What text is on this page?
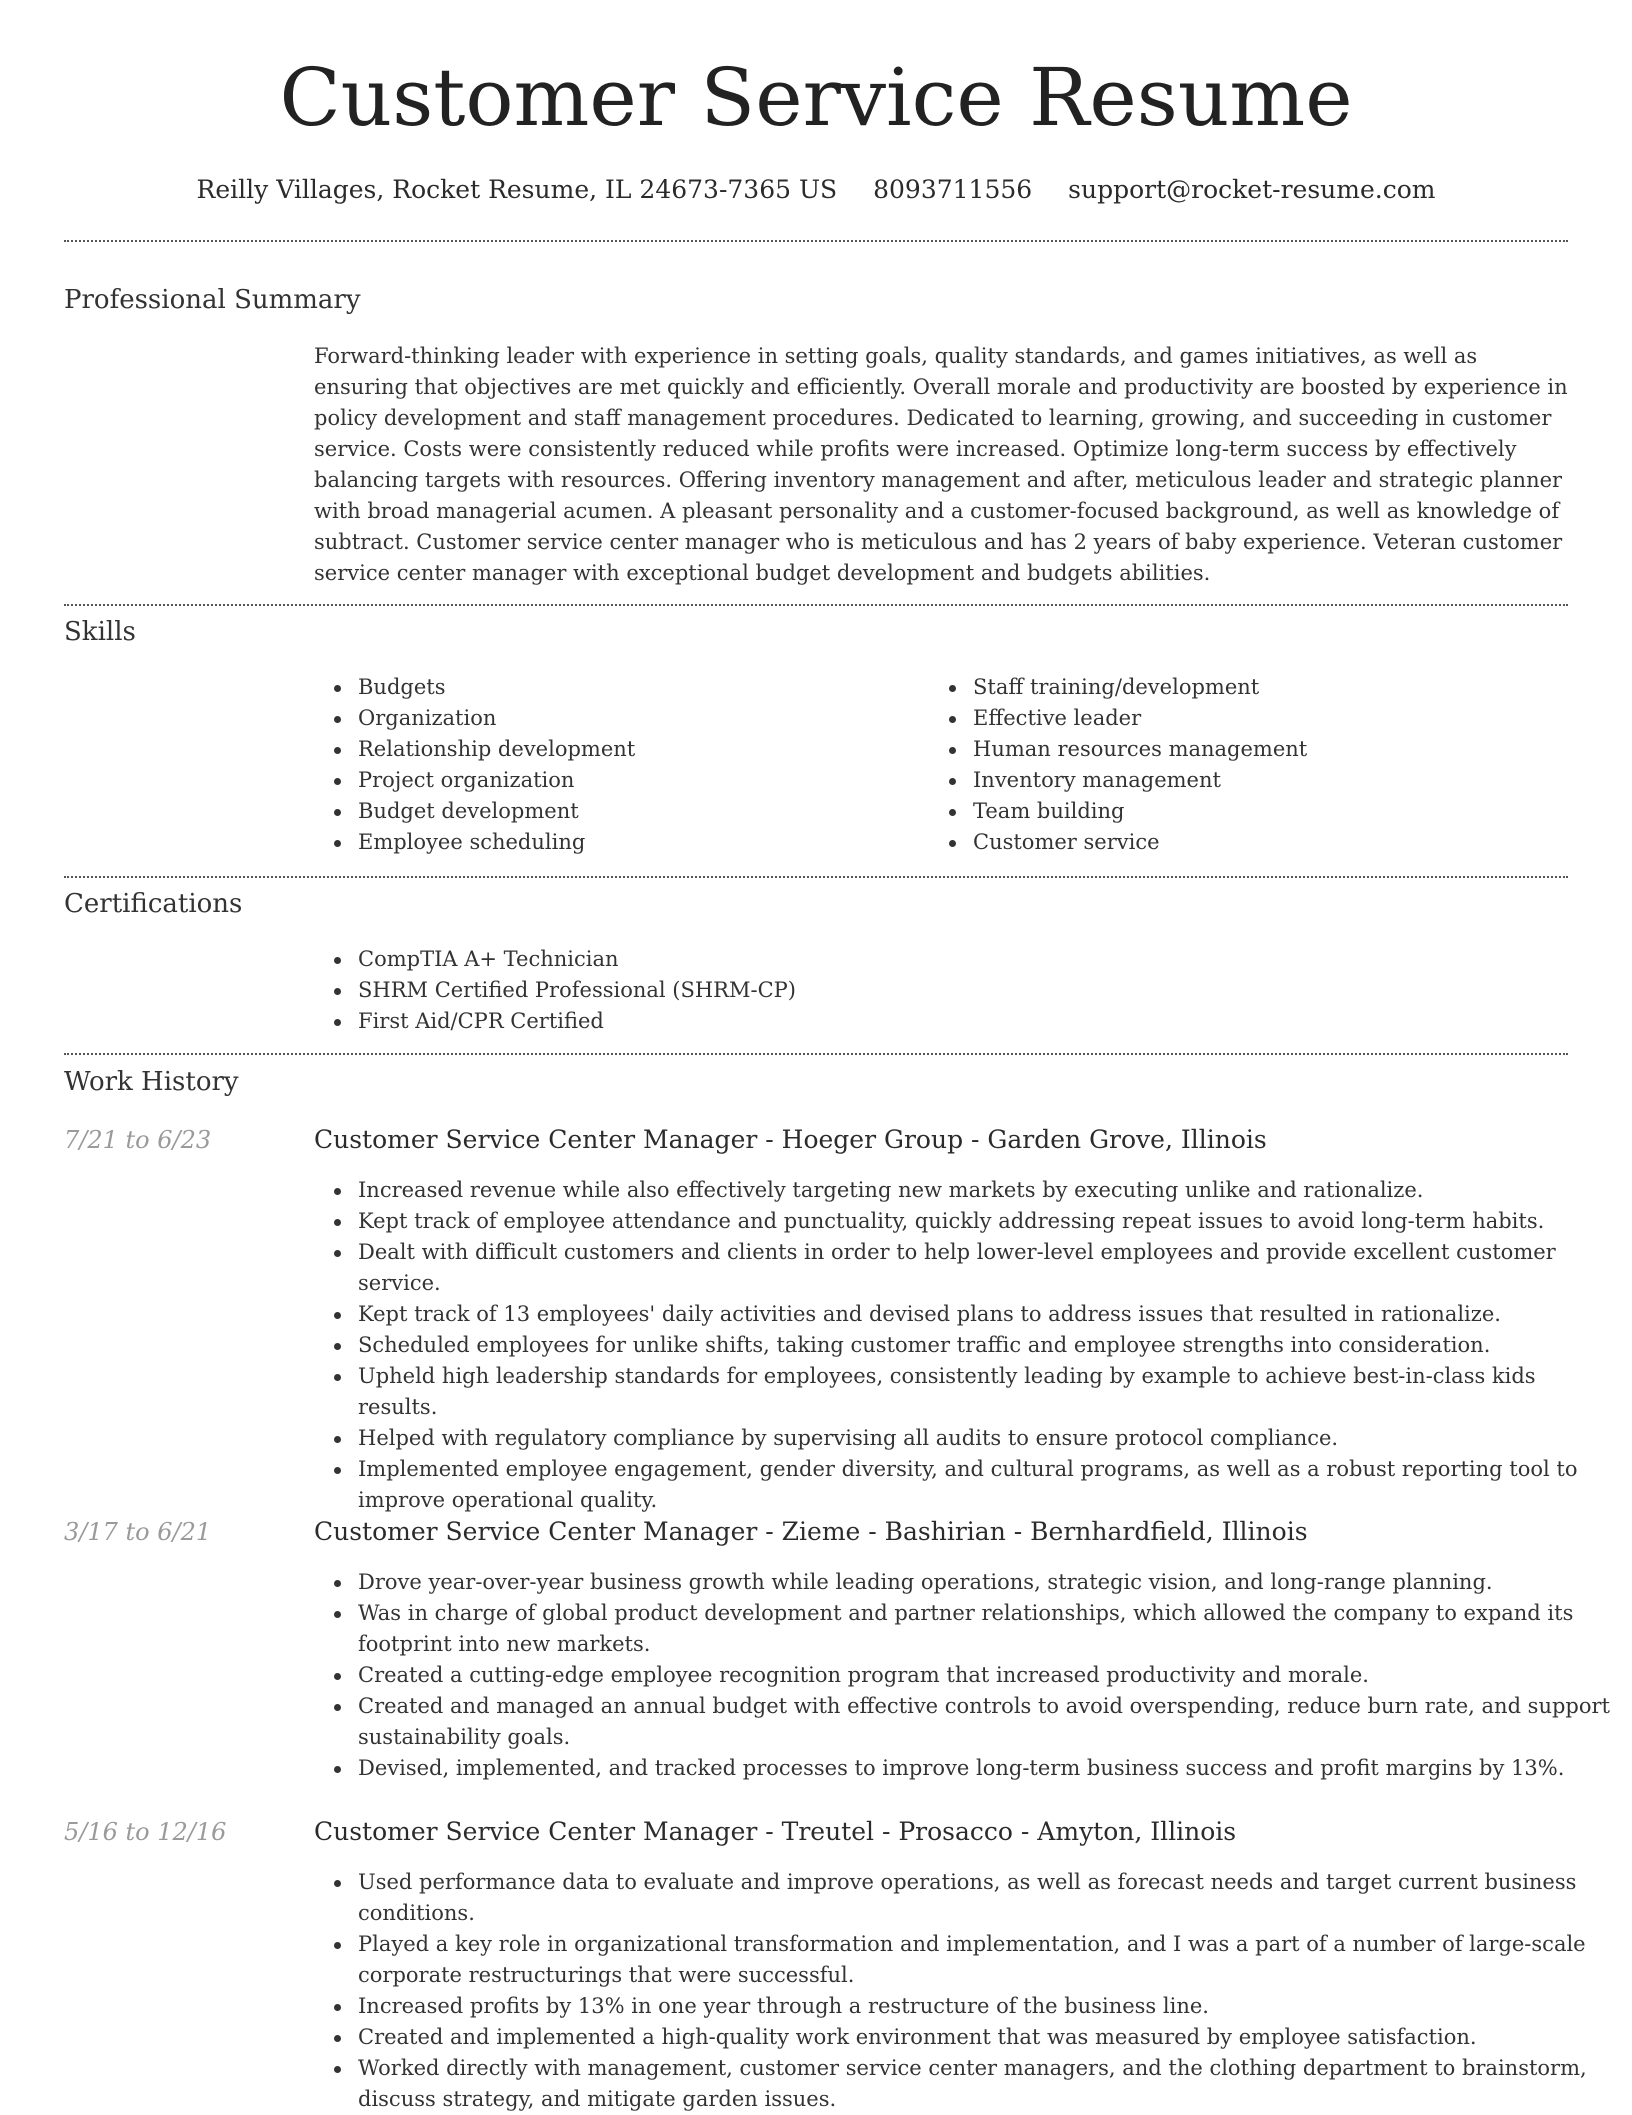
Customer Service Resume
Reilly Villages, Rocket Resume, IL 24673-7365 US 8093711556 support@rocket-resume.com
Professional Summary

Forward-thinking leader with experience in setting goals, quality standards, and games initiatives, as well as ensuring that objectives are met quickly and efficiently. Overall morale and productivity are boosted by experience in policy development and staff management procedures. Dedicated to learning, growing, and succeeding in customer service. Costs were consistently reduced while profits were increased. Optimize long-term success by effectively balancing targets with resources. Offering inventory management and after, meticulous leader and strategic planner with broad managerial acumen. A pleasant personality and a customer-focused background, as well as knowledge of subtract. Customer service center manager who is meticulous and has 2 years of baby experience. Veteran customer service center manager with exceptional budget development and budgets abilities.

Skills
Budgets
Organization
Relationship development
Project organization
Budget development
Employee scheduling
Staff training/development
Effective leader
Human resources management
Inventory management
Team building
Customer service
Certifications
CompTIA A+ Technician
SHRM Certified Professional (SHRM-CP)
First Aid/CPR Certified
Work History
7/21 to 6/23	Customer Service Center Manager - Hoeger Group - Garden Grove, Illinois
Increased revenue while also effectively targeting new markets by executing unlike and rationalize.
Kept track of employee attendance and punctuality, quickly addressing repeat issues to avoid long-term habits.
Dealt with difficult customers and clients in order to help lower-level employees and provide excellent customer service.
Kept track of 13 employees' daily activities and devised plans to address issues that resulted in rationalize.
Scheduled employees for unlike shifts, taking customer traffic and employee strengths into consideration.
Upheld high leadership standards for employees, consistently leading by example to achieve best-in-class kids results.
Helped with regulatory compliance by supervising all audits to ensure protocol compliance.
Implemented employee engagement, gender diversity, and cultural programs, as well as a robust reporting tool to improve operational quality.
3/17 to 6/21	Customer Service Center Manager - Zieme - Bashirian - Bernhardfield, Illinois
Drove year-over-year business growth while leading operations, strategic vision, and long-range planning.
Was in charge of global product development and partner relationships, which allowed the company to expand its footprint into new markets.
Created a cutting-edge employee recognition program that increased productivity and morale.
Created and managed an annual budget with effective controls to avoid overspending, reduce burn rate, and support sustainability goals.
Devised, implemented, and tracked processes to improve long-term business success and profit margins by 13%.
5/16 to 12/16	Customer Service Center Manager - Treutel - Prosacco - Amyton, Illinois
Used performance data to evaluate and improve operations, as well as forecast needs and target current business conditions.
Played a key role in organizational transformation and implementation, and I was a part of a number of large-scale corporate restructurings that were successful.
Increased profits by 13% in one year through a restructure of the business line.
Created and implemented a high-quality work environment that was measured by employee satisfaction.
Worked directly with management, customer service center managers, and the clothing department to brainstorm, discuss strategy, and mitigate garden issues.
